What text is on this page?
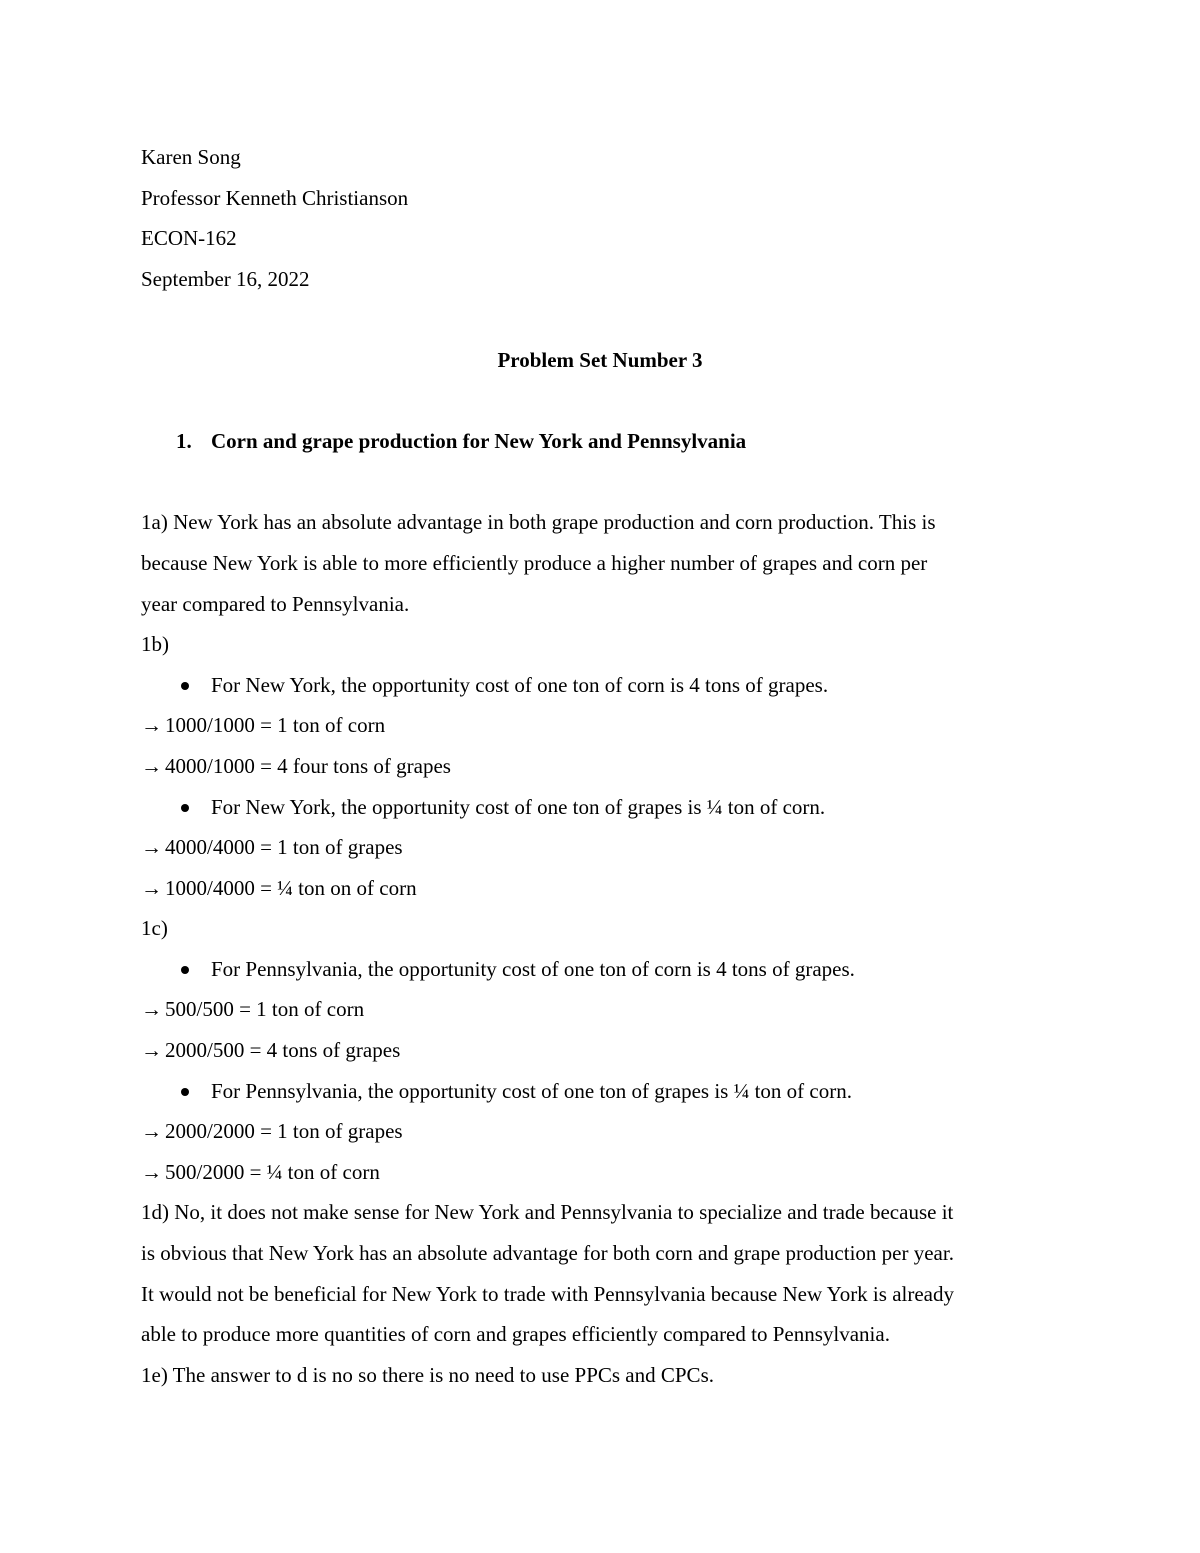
Karen Song
Professor Kenneth Christianson
ECON-162
September 16, 2022
Problem Set Number 3
1. Corn and grape production for New York and Pennsylvania
1a) New York has an absolute advantage in both grape production and corn production. This is
because New York is able to more efficiently produce a higher number of grapes and corn per
year compared to Pennsylvania.
1b)
For New York, the opportunity cost of one ton of corn is 4 tons of grapes.
→ 1000/1000 = 1 ton of corn
→ 4000/1000 = 4 four tons of grapes
For New York, the opportunity cost of one ton of grapes is ¼ ton of corn.
→ 4000/4000 = 1 ton of grapes
→ 1000/4000 = ¼ ton on of corn
1c)
For Pennsylvania, the opportunity cost of one ton of corn is 4 tons of grapes.
→ 500/500 = 1 ton of corn
→ 2000/500 = 4 tons of grapes
For Pennsylvania, the opportunity cost of one ton of grapes is ¼ ton of corn.
→ 2000/2000 = 1 ton of grapes
→ 500/2000 = ¼ ton of corn
1d) No, it does not make sense for New York and Pennsylvania to specialize and trade because it
is obvious that New York has an absolute advantage for both corn and grape production per year.
It would not be beneficial for New York to trade with Pennsylvania because New York is already
able to produce more quantities of corn and grapes efficiently compared to Pennsylvania.
1e) The answer to d is no so there is no need to use PPCs and CPCs.
